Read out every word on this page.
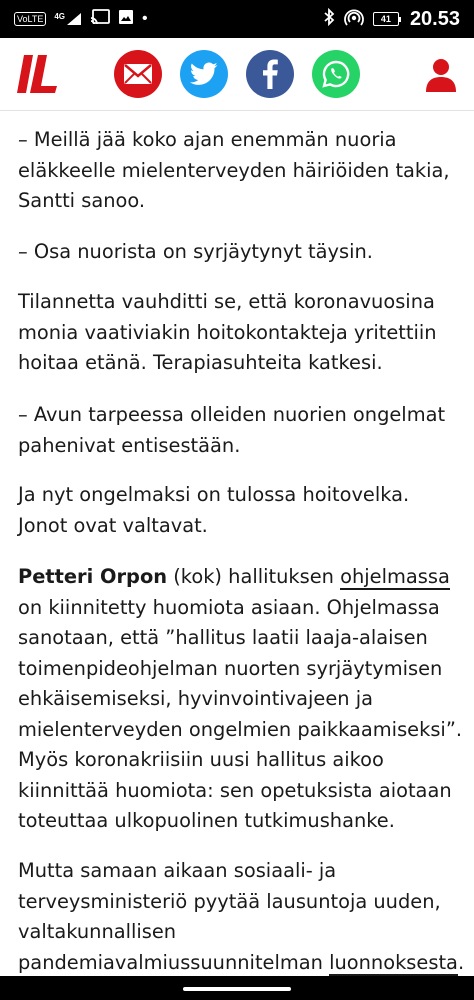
VoLTE	4G	•	41 20.53

– Meillä jää koko ajan enemmän nuoria
eläkkeelle mielenterveyden häiriöiden takia,
Santti sanoo.

– Osa nuorista on syrjäytynyt täysin.

Tilannetta vauhditti se, että koronavuosina
monia vaativiakin hoitokontakteja yritettiin
hoitaa etänä. Terapiasuhteita katkesi.

– Avun tarpeessa olleiden nuorien ongelmat
pahenivat entisestään.

Ja nyt ongelmaksi on tulossa hoitovelka.
Jonot ovat valtavat.

Petteri Orpon (kok) hallituksen ohjelmassa
on kiinnitetty huomiota asiaan. Ohjelmassa
sanotaan, että ”hallitus laatii laaja-alaisen
toimenpideohjelman nuorten syrjäytymisen
ehkäisemiseksi, hyvinvointivajeen ja
mielenterveyden ongelmien paikkaamiseksi”.
Myös koronakriisiin uusi hallitus aikoo
kiinnittää huomiota: sen opetuksista aiotaan
toteuttaa ulkopuolinen tutkimushanke.

Mutta samaan aikaan sosiaali- ja
terveysministeriö pyytää lausuntoja uuden,
valtakunnallisen
pandemiavalmiussuunnitelman luonnoksesta.
